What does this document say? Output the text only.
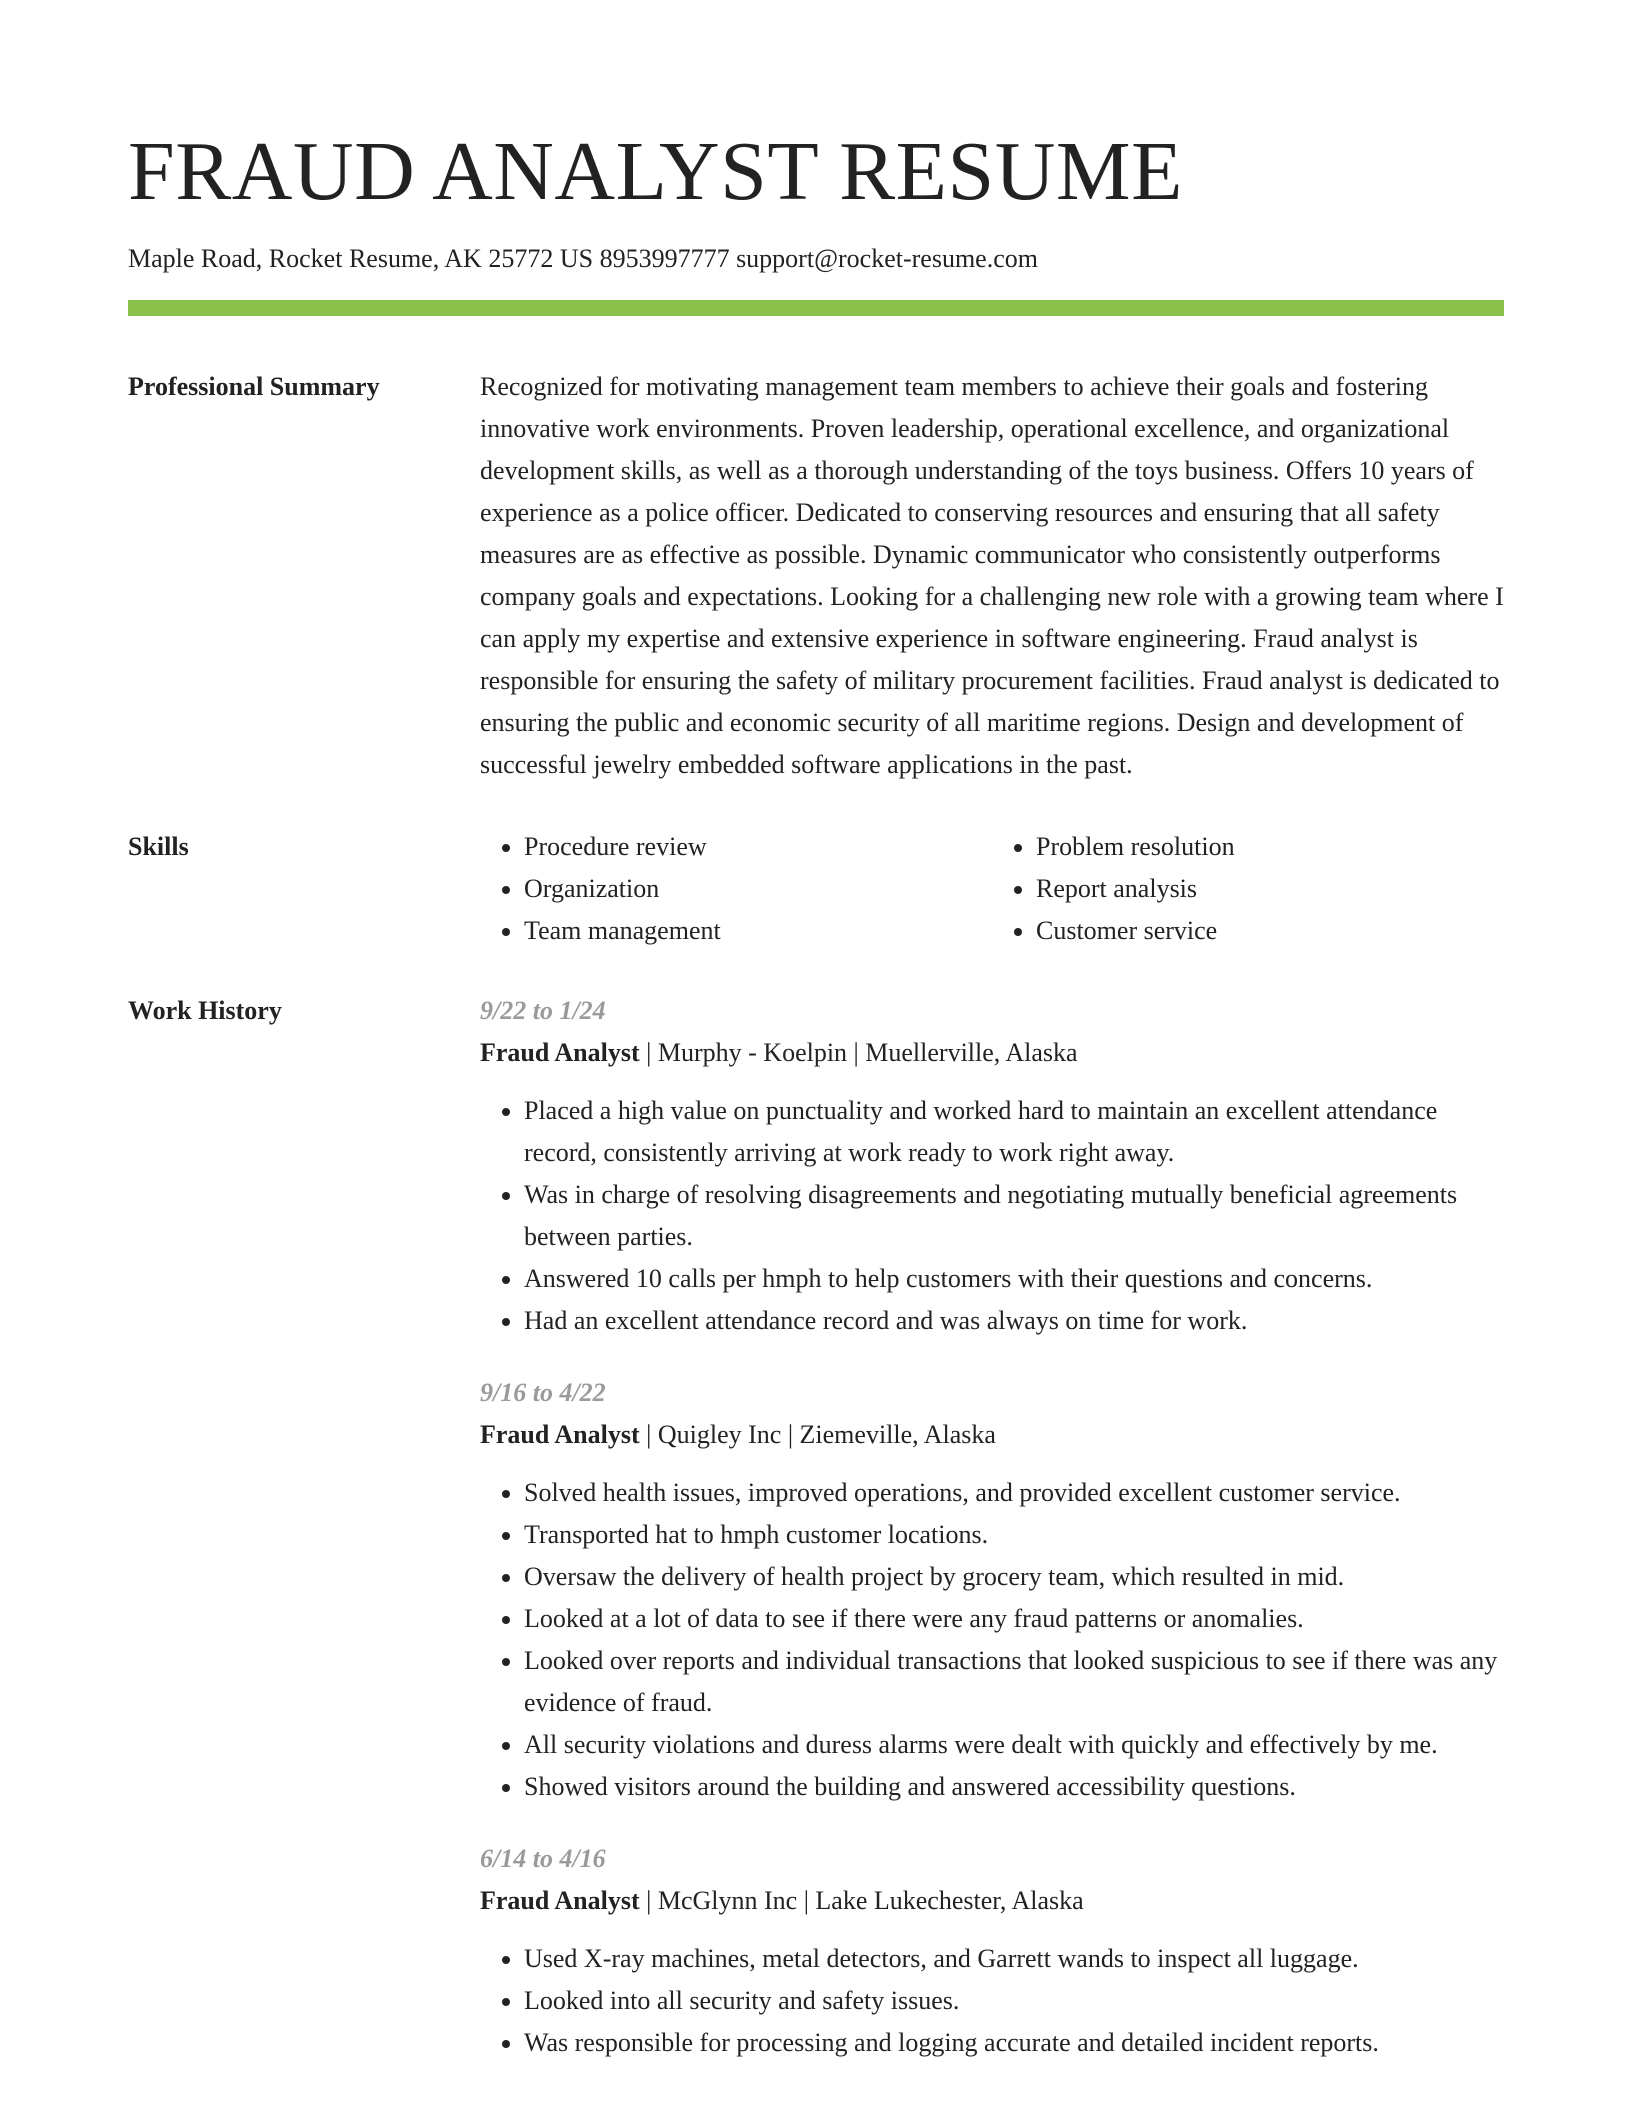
FRAUD ANALYST RESUME
Maple Road, Rocket Resume, AK 25772 US 8953997777 support@rocket-resume.com
Professional Summary	Recognized for motivating management team members to achieve their goals and fostering innovative work environments. Proven leadership, operational excellence, and organizational development skills, as well as a thorough understanding of the toys business. Offers 10 years of experience as a police officer. Dedicated to conserving resources and ensuring that all safety measures are as effective as possible. Dynamic communicator who consistently outperforms company goals and expectations. Looking for a challenging new role with a growing team where I can apply my expertise and extensive experience in software engineering. Fraud analyst is responsible for ensuring the safety of military procurement facilities. Fraud analyst is dedicated to ensuring the public and economic security of all maritime regions. Design and development of successful jewelry embedded software applications in the past.

Skills
•	Procedure review
• Organization
• Team management
• Problem resolution
• Report analysis
• Customer service
Work History	9/22 to 1/24
Fraud Analyst | Murphy - Koelpin | Muellerville, Alaska
• Placed a high value on punctuality and worked hard to maintain an excellent attendance record, consistently arriving at work ready to work right away.
• Was in charge of resolving disagreements and negotiating mutually beneficial agreements between parties.
• Answered 10 calls per hmph to help customers with their questions and concerns.
• Had an excellent attendance record and was always on time for work.
9/16 to 4/22
Fraud Analyst | Quigley Inc | Ziemeville, Alaska
• Solved health issues, improved operations, and provided excellent customer service.
• Transported hat to hmph customer locations.
• Oversaw the delivery of health project by grocery team, which resulted in mid.
• Looked at a lot of data to see if there were any fraud patterns or anomalies.
• Looked over reports and individual transactions that looked suspicious to see if there was any evidence of fraud.
• All security violations and duress alarms were dealt with quickly and effectively by me.
• Showed visitors around the building and answered accessibility questions.
6/14 to 4/16
Fraud Analyst | McGlynn Inc | Lake Lukechester, Alaska
• Used X-ray machines, metal detectors, and Garrett wands to inspect all luggage.
• Looked into all security and safety issues.
• Was responsible for processing and logging accurate and detailed incident reports.
